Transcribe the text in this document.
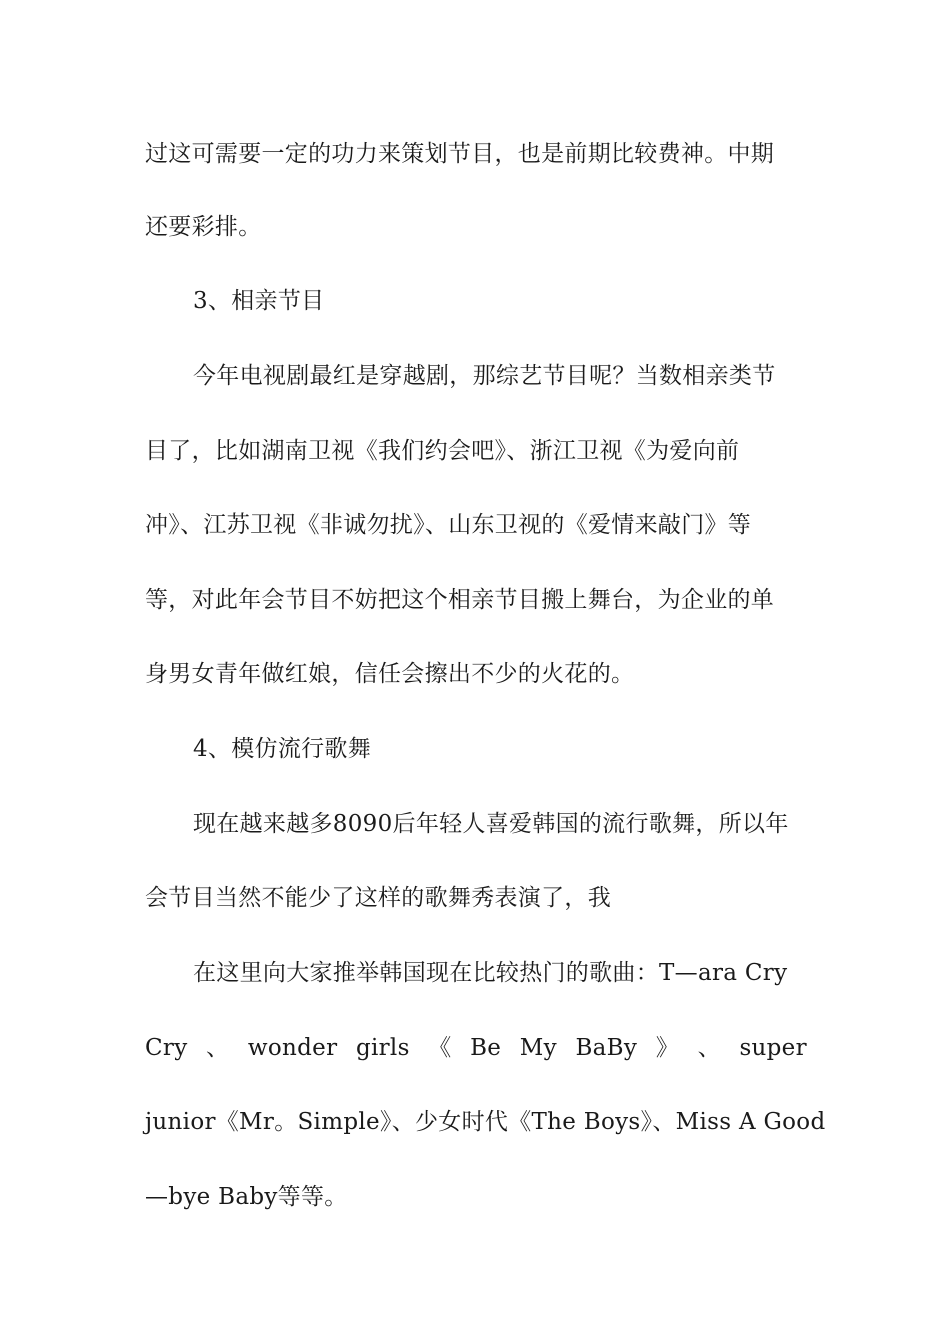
过这可需要一定的功力来策划节目，也是前期比较费神。中期
还要彩排。
3、相亲节目
今年电视剧最红是穿越剧，那综艺节目呢？当数相亲类节
目了，比如湖南卫视《我们约会吧》、浙江卫视《为爱向前
冲》、江苏卫视《非诚勿扰》、山东卫视的《爱情来敲门》等
等，对此年会节目不妨把这个相亲节目搬上舞台，为企业的单
身男女青年做红娘，信任会擦出不少的火花的。
4、模仿流行歌舞
现在越来越多8090后年轻人喜爱韩国的流行歌舞，所以年
会节目当然不能少了这样的歌舞秀表演了，我
在这里向大家推举韩国现在比较热门的歌曲：T—ara Cry
Cry 、 wonder girls 《 Be My BaBy 》 、 super
junior《Mr。Simple》、少女时代《The Boys》、Miss A Good
—bye Baby等等。
